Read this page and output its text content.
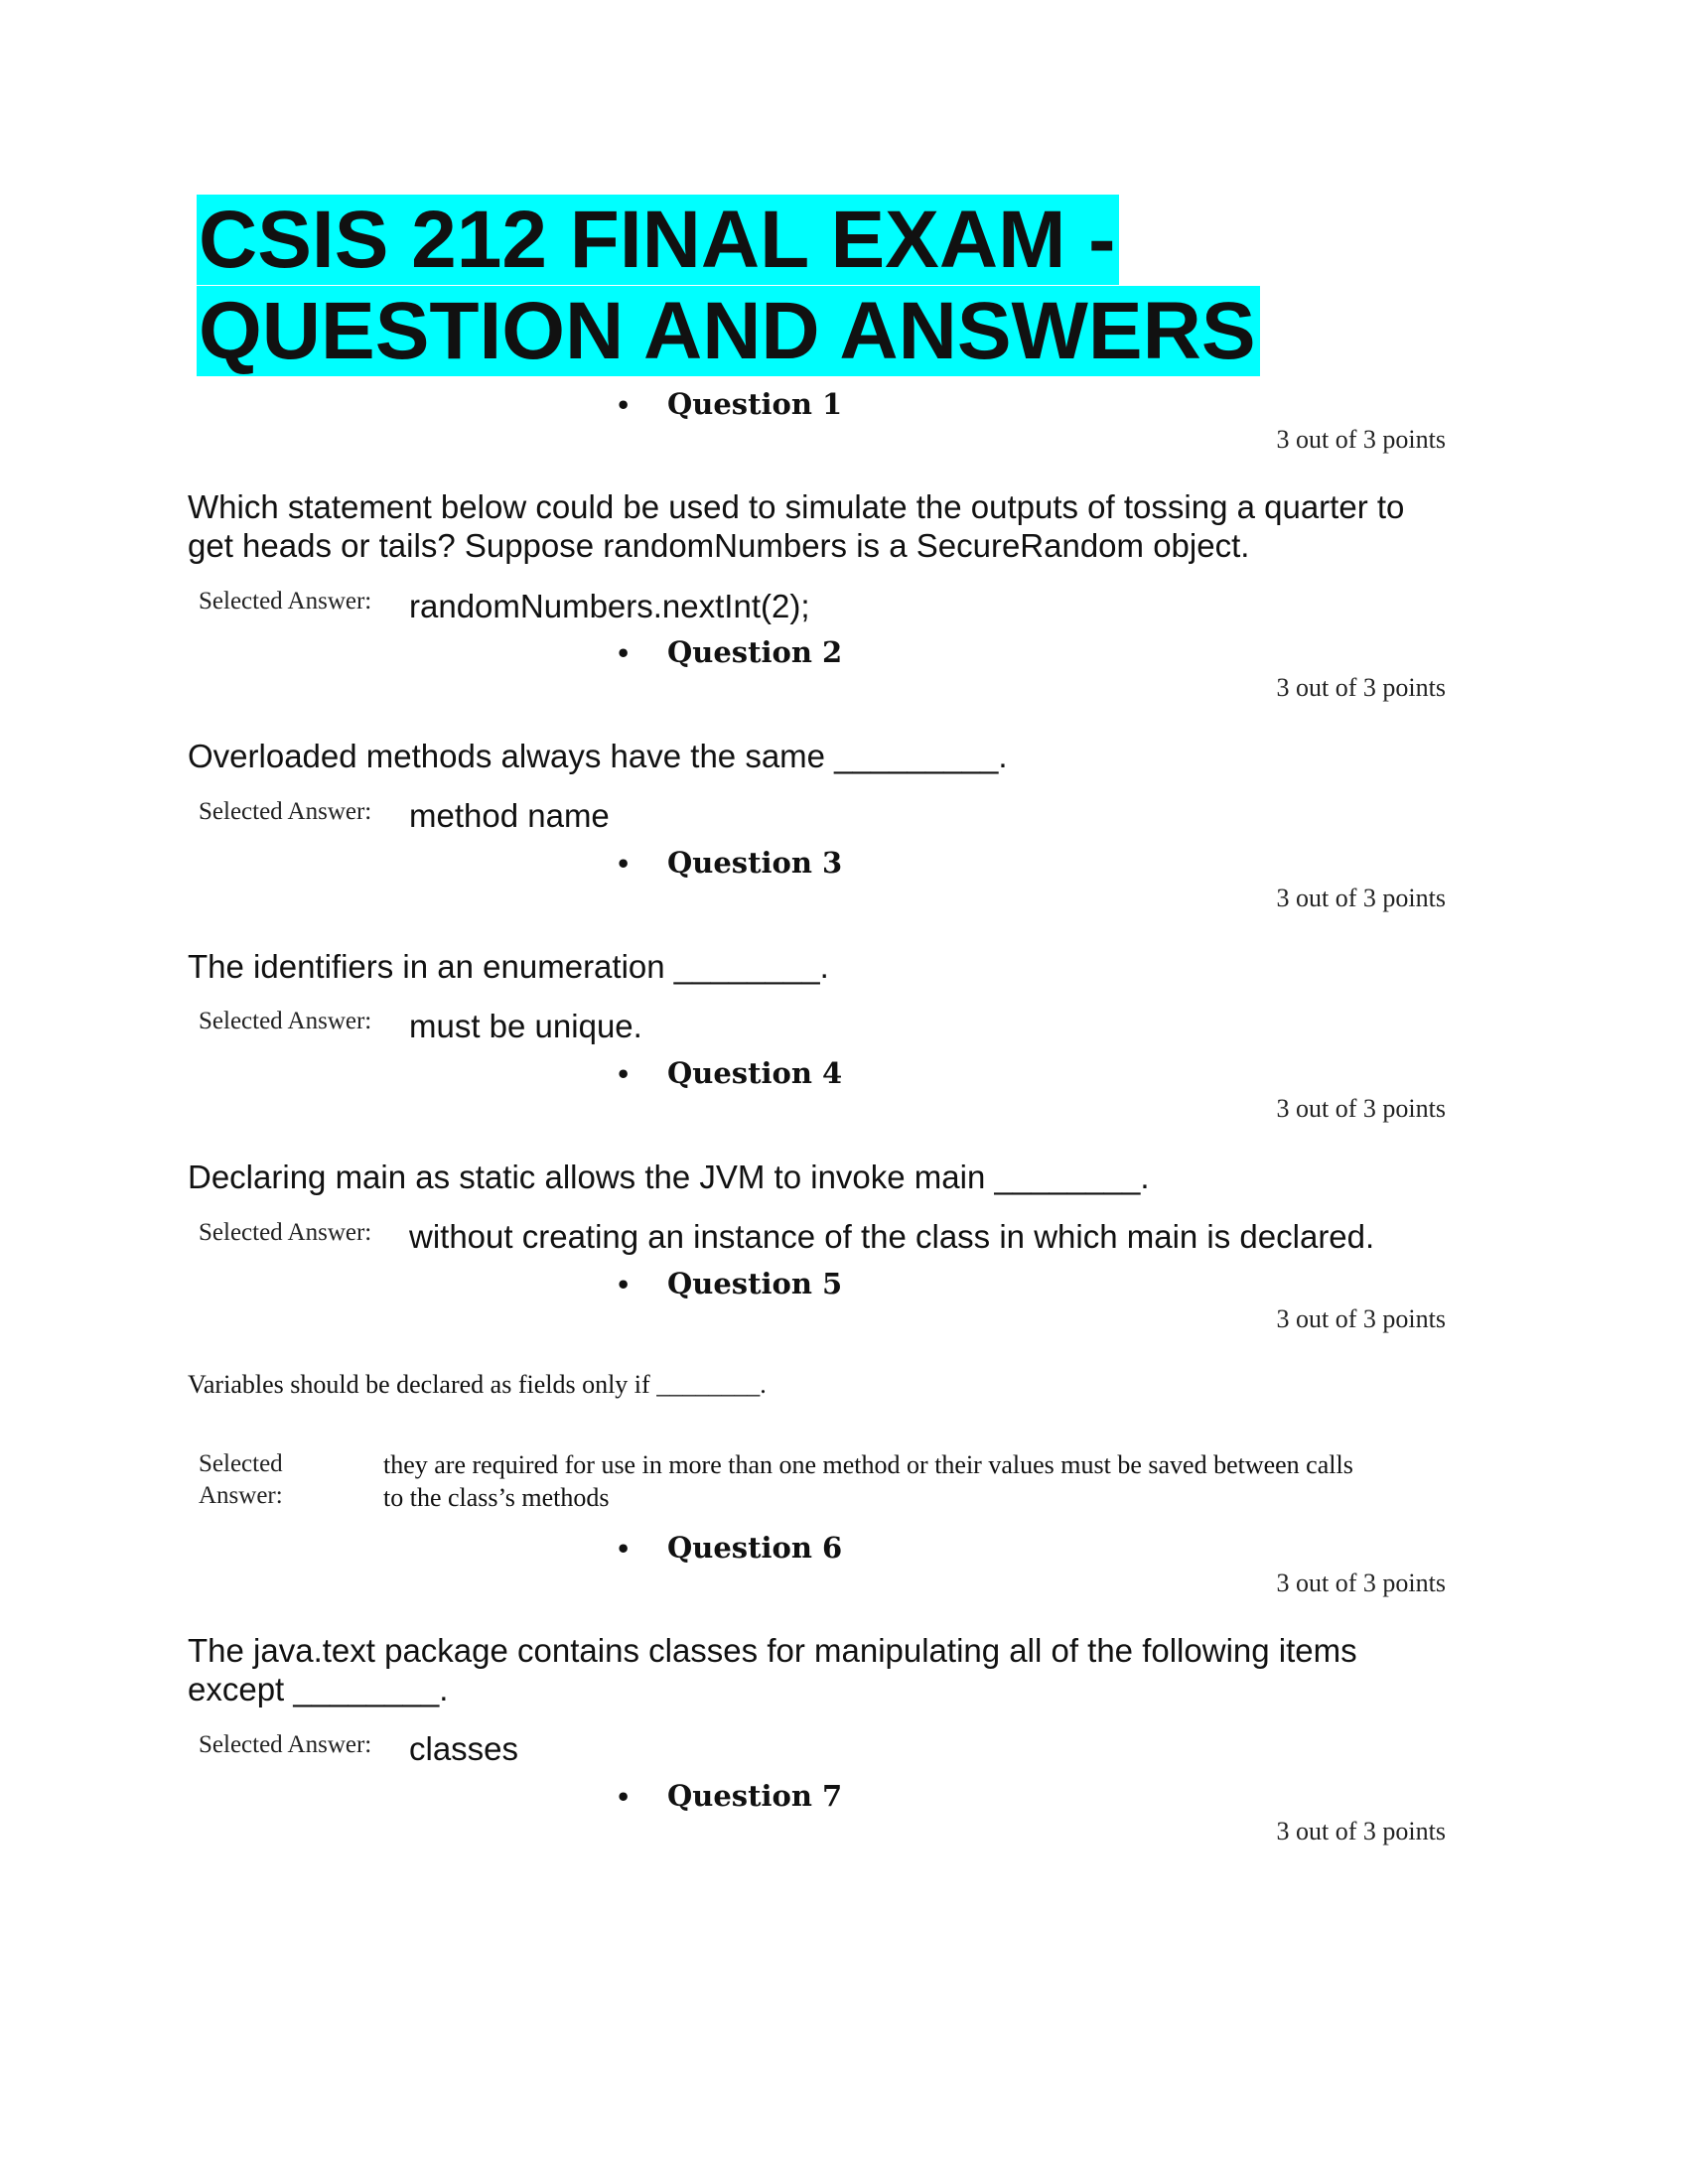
CSIS 212 FINAL EXAM -
QUESTION AND ANSWERS
• Question 1
3 out of 3 points
Which statement below could be used to simulate the outputs of tossing a quarter to get heads or tails? Suppose randomNumbers is a SecureRandom object.
Selected Answer: randomNumbers.nextInt(2);
• Question 2
3 out of 3 points
Overloaded methods always have the same _________.
Selected Answer: method name
• Question 3
3 out of 3 points
The identifiers in an enumeration ________.
Selected Answer: must be unique.
• Question 4
3 out of 3 points
Declaring main as static allows the JVM to invoke main ________.
Selected Answer: without creating an instance of the class in which main is declared.
• Question 5
3 out of 3 points
Variables should be declared as fields only if ________.
Selected Answer:
they are required for use in more than one method or their values must be saved between calls to the class’s methods
• Question 6
3 out of 3 points
The java.text package contains classes for manipulating all of the following items except ________.
Selected Answer: classes
• Question 7
3 out of 3 points
